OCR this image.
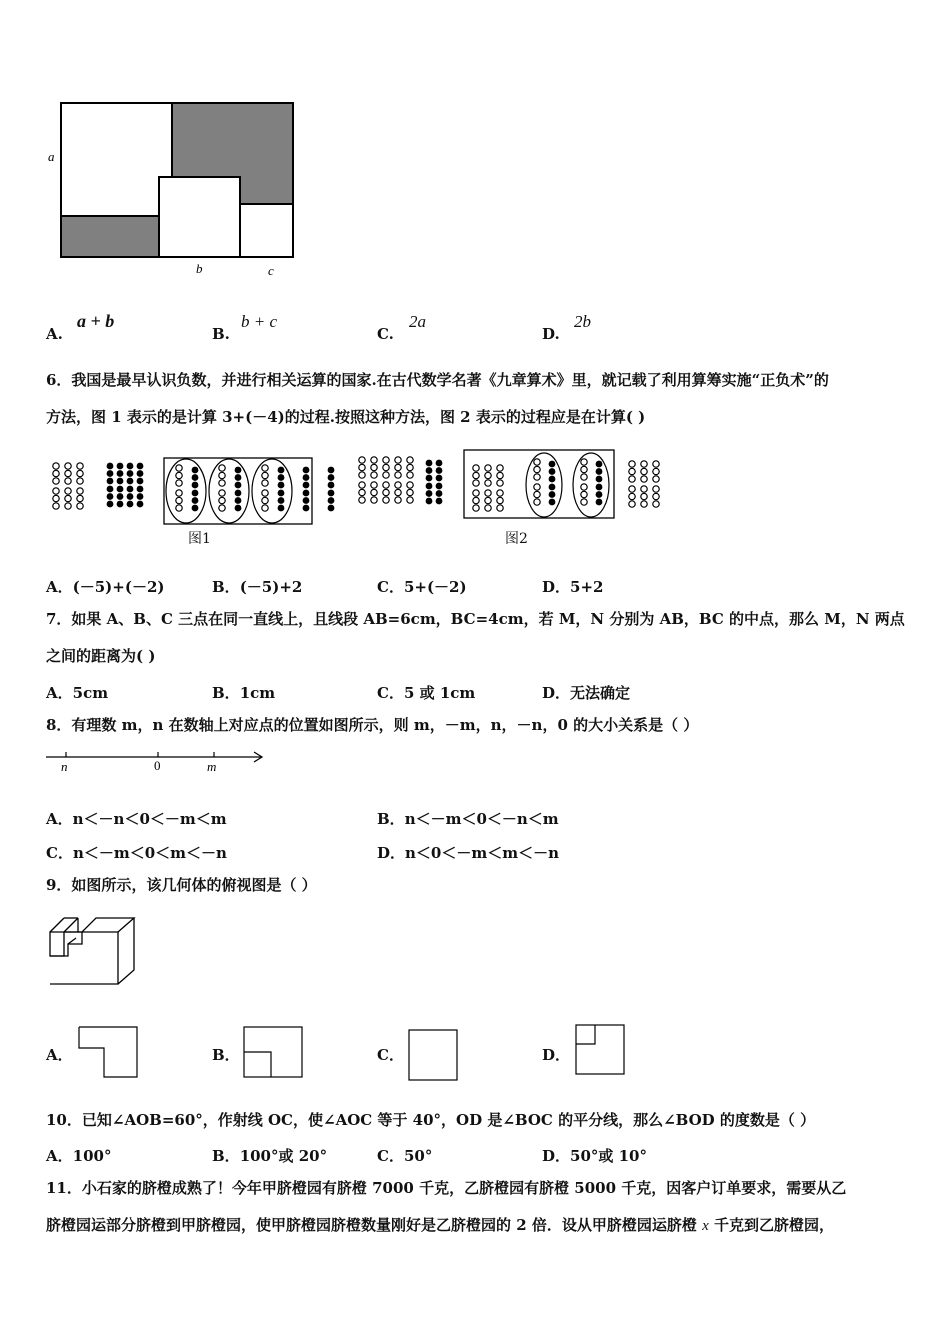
a
b	c
A.
a + b
B.
b + c
C.
2a
D.
2b
6．我国是最早认识负数，并进行相关运算的国家.在古代数学名著《九章算术》里，就记载了利用算筹实施“正负术”的
方法，图 1 表示的是计算 3+(－4)的过程.按照这种方法，图 2 表示的过程应是在计算( )
图1	图2
A．(－5)+(－2)	B．(－5)+2	C．5+(－2)	D．5+2
7．如果 A、B、C 三点在同一直线上，且线段 AB=6cm，BC=4cm，若 M，N 分别为 AB，BC 的中点，那么 M，N 两点
之间的距离为( )
A．5cm	B．1cm	C．5 或 1cm	D．无法确定
8．有理数 m，n 在数轴上对应点的位置如图所示，则 m，－m，n，－n，0 的大小关系是（ ）
n	0	m
A．n＜－n＜0＜－m＜m	B．n＜－m＜0＜－n＜m
C．n＜－m＜0＜m＜－n	D．n＜0＜－m＜m＜－n
9．如图所示，该几何体的俯视图是（ ）
A．	B．	C．	D．
10．已知∠AOB=60°，作射线 OC，使∠AOC 等于 40°，OD 是∠BOC 的平分线，那么∠BOD 的度数是（ ）
A．100°	B．100°或 20°	C．50°	D．50°或 10°
11．小石家的脐橙成熟了！今年甲脐橙园有脐橙 7000 千克，乙脐橙园有脐橙 5000 千克，因客户订单要求，需要从乙
脐橙园运部分脐橙到甲脐橙园，使甲脐橙园脐橙数量刚好是乙脐橙园的 2 倍．设从甲脐橙园运脐橙 x 千克到乙脐橙园，
